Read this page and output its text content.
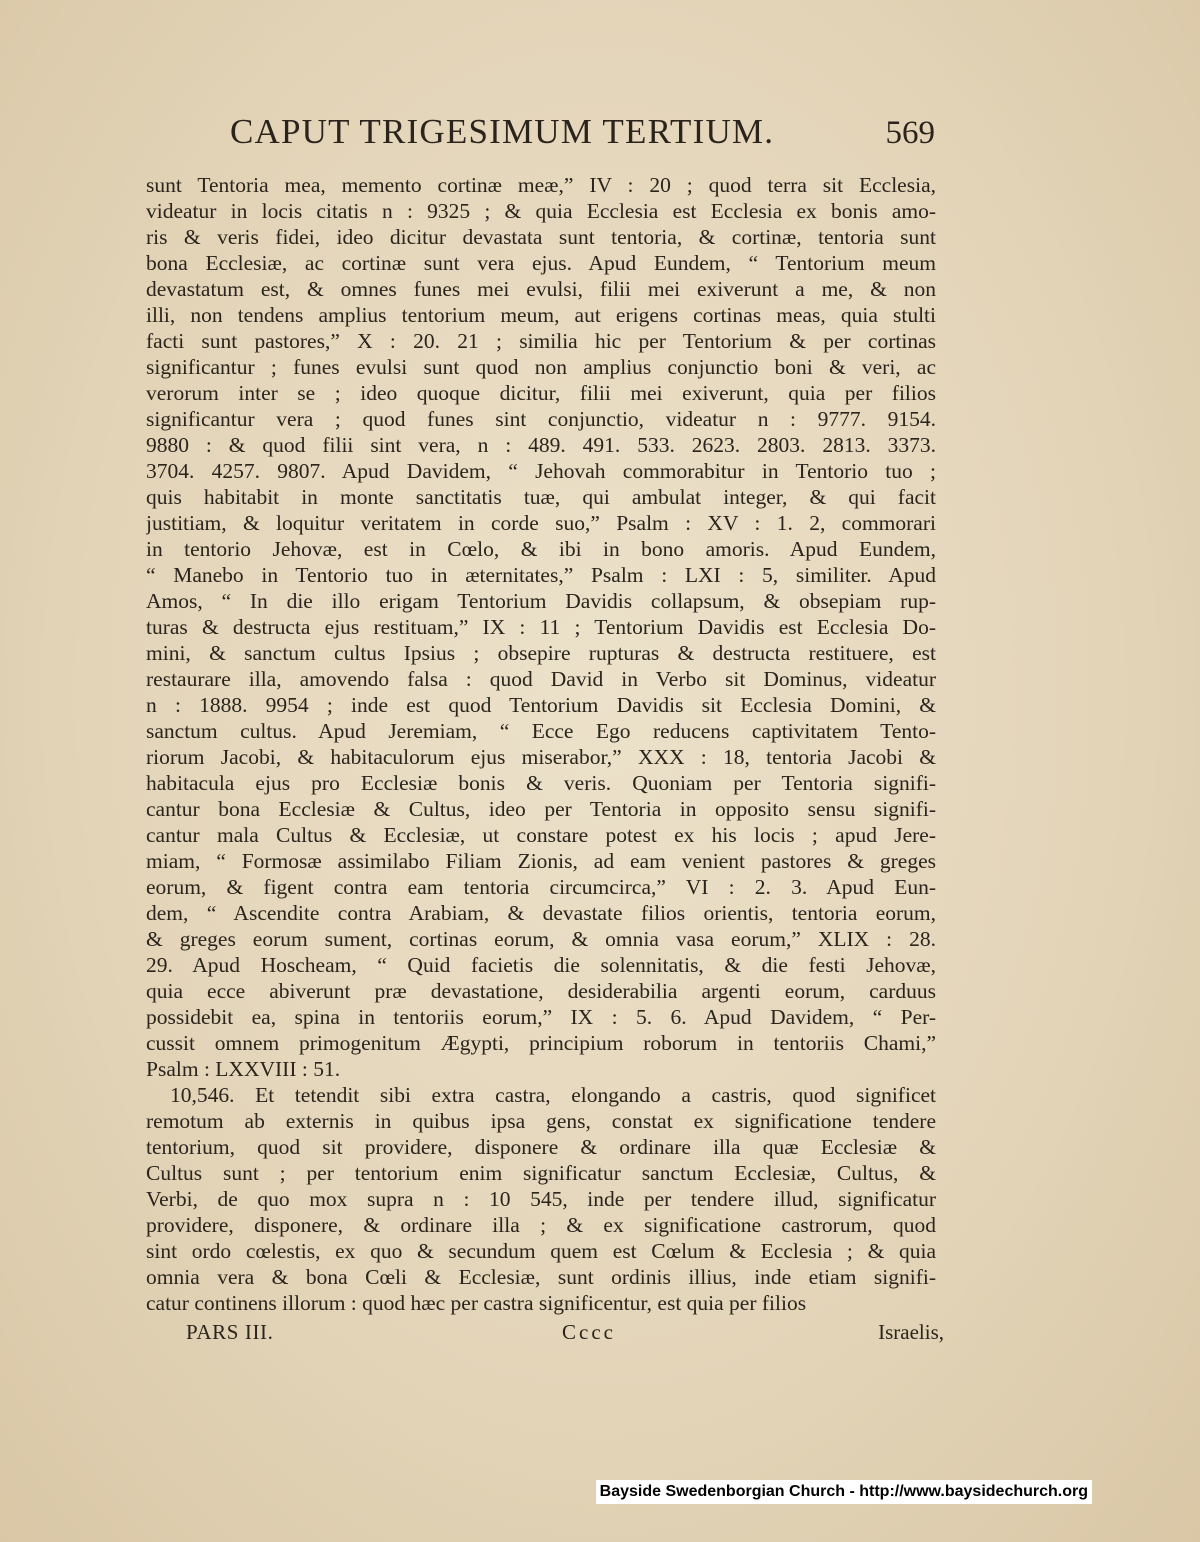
CAPUT TRIGESIMUM TERTIUM.	569
sunt Tentoria mea, memento cortinæ meæ,” IV : 20 ; quod terra sit Ecclesia,
videatur in locis citatis n : 9325 ; & quia Ecclesia est Ecclesia ex bonis amo-
ris & veris fidei, ideo dicitur devastata sunt tentoria, & cortinæ, tentoria sunt
bona Ecclesiæ, ac cortinæ sunt vera ejus. Apud Eundem, “ Tentorium meum
devastatum est, & omnes funes mei evulsi, filii mei exiverunt a me, & non
illi, non tendens amplius tentorium meum, aut erigens cortinas meas, quia stulti
facti sunt pastores,” X : 20. 21 ; similia hic per Tentorium & per cortinas
significantur ; funes evulsi sunt quod non amplius conjunctio boni & veri, ac
verorum inter se ; ideo quoque dicitur, filii mei exiverunt, quia per filios
significantur vera ; quod funes sint conjunctio, videatur n : 9777. 9154.
9880 : & quod filii sint vera, n : 489. 491. 533. 2623. 2803. 2813. 3373.
3704. 4257. 9807. Apud Davidem, “ Jehovah commorabitur in Tentorio tuo ;
quis habitabit in monte sanctitatis tuæ, qui ambulat integer, & qui facit
justitiam, & loquitur veritatem in corde suo,” Psalm : XV : 1. 2, commorari
in tentorio Jehovæ, est in Cœlo, & ibi in bono amoris. Apud Eundem,
“ Manebo in Tentorio tuo in æternitates,” Psalm : LXI : 5, similiter. Apud
Amos, “ In die illo erigam Tentorium Davidis collapsum, & obsepiam rup-
turas & destructa ejus restituam,” IX : 11 ; Tentorium Davidis est Ecclesia Do-
mini, & sanctum cultus Ipsius ; obsepire rupturas & destructa restituere, est
restaurare illa, amovendo falsa : quod David in Verbo sit Dominus, videatur
n : 1888. 9954 ; inde est quod Tentorium Davidis sit Ecclesia Domini, &
sanctum cultus. Apud Jeremiam, “ Ecce Ego reducens captivitatem Tento-
riorum Jacobi, & habitaculorum ejus miserabor,” XXX : 18, tentoria Jacobi &
habitacula ejus pro Ecclesiæ bonis & veris. Quoniam per Tentoria signifi-
cantur bona Ecclesiæ & Cultus, ideo per Tentoria in opposito sensu signifi-
cantur mala Cultus & Ecclesiæ, ut constare potest ex his locis ; apud Jere-
miam, “ Formosæ assimilabo Filiam Zionis, ad eam venient pastores & greges
eorum, & figent contra eam tentoria circumcirca,” VI : 2. 3. Apud Eun-
dem, “ Ascendite contra Arabiam, & devastate filios orientis, tentoria eorum,
& greges eorum sument, cortinas eorum, & omnia vasa eorum,” XLIX : 28.
29. Apud Hoscheam, “ Quid facietis die solennitatis, & die festi Jehovæ,
quia ecce abiverunt præ devastatione, desiderabilia argenti eorum, carduus
possidebit ea, spina in tentoriis eorum,” IX : 5. 6. Apud Davidem, “ Per-
cussit omnem primogenitum Ægypti, principium roborum in tentoriis Chami,”
Psalm : LXXVIII : 51.
10,546. Et tetendit sibi extra castra, elongando a castris, quod significet
remotum ab externis in quibus ipsa gens, constat ex significatione tendere
tentorium, quod sit providere, disponere & ordinare illa quæ Ecclesiæ &
Cultus sunt ; per tentorium enim significatur sanctum Ecclesiæ, Cultus, &
Verbi, de quo mox supra n : 10 545, inde per tendere illud, significatur
providere, disponere, & ordinare illa ; & ex significatione castrorum, quod
sint ordo cœlestis, ex quo & secundum quem est Cœlum & Ecclesia ; & quia
omnia vera & bona Cœli & Ecclesiæ, sunt ordinis illius, inde etiam signifi-
catur continens illorum : quod hæc per castra significentur, est quia per filios
PARS III.	Cccc	Israelis,
Bayside Swedenborgian Church - http://www.baysidechurch.org
